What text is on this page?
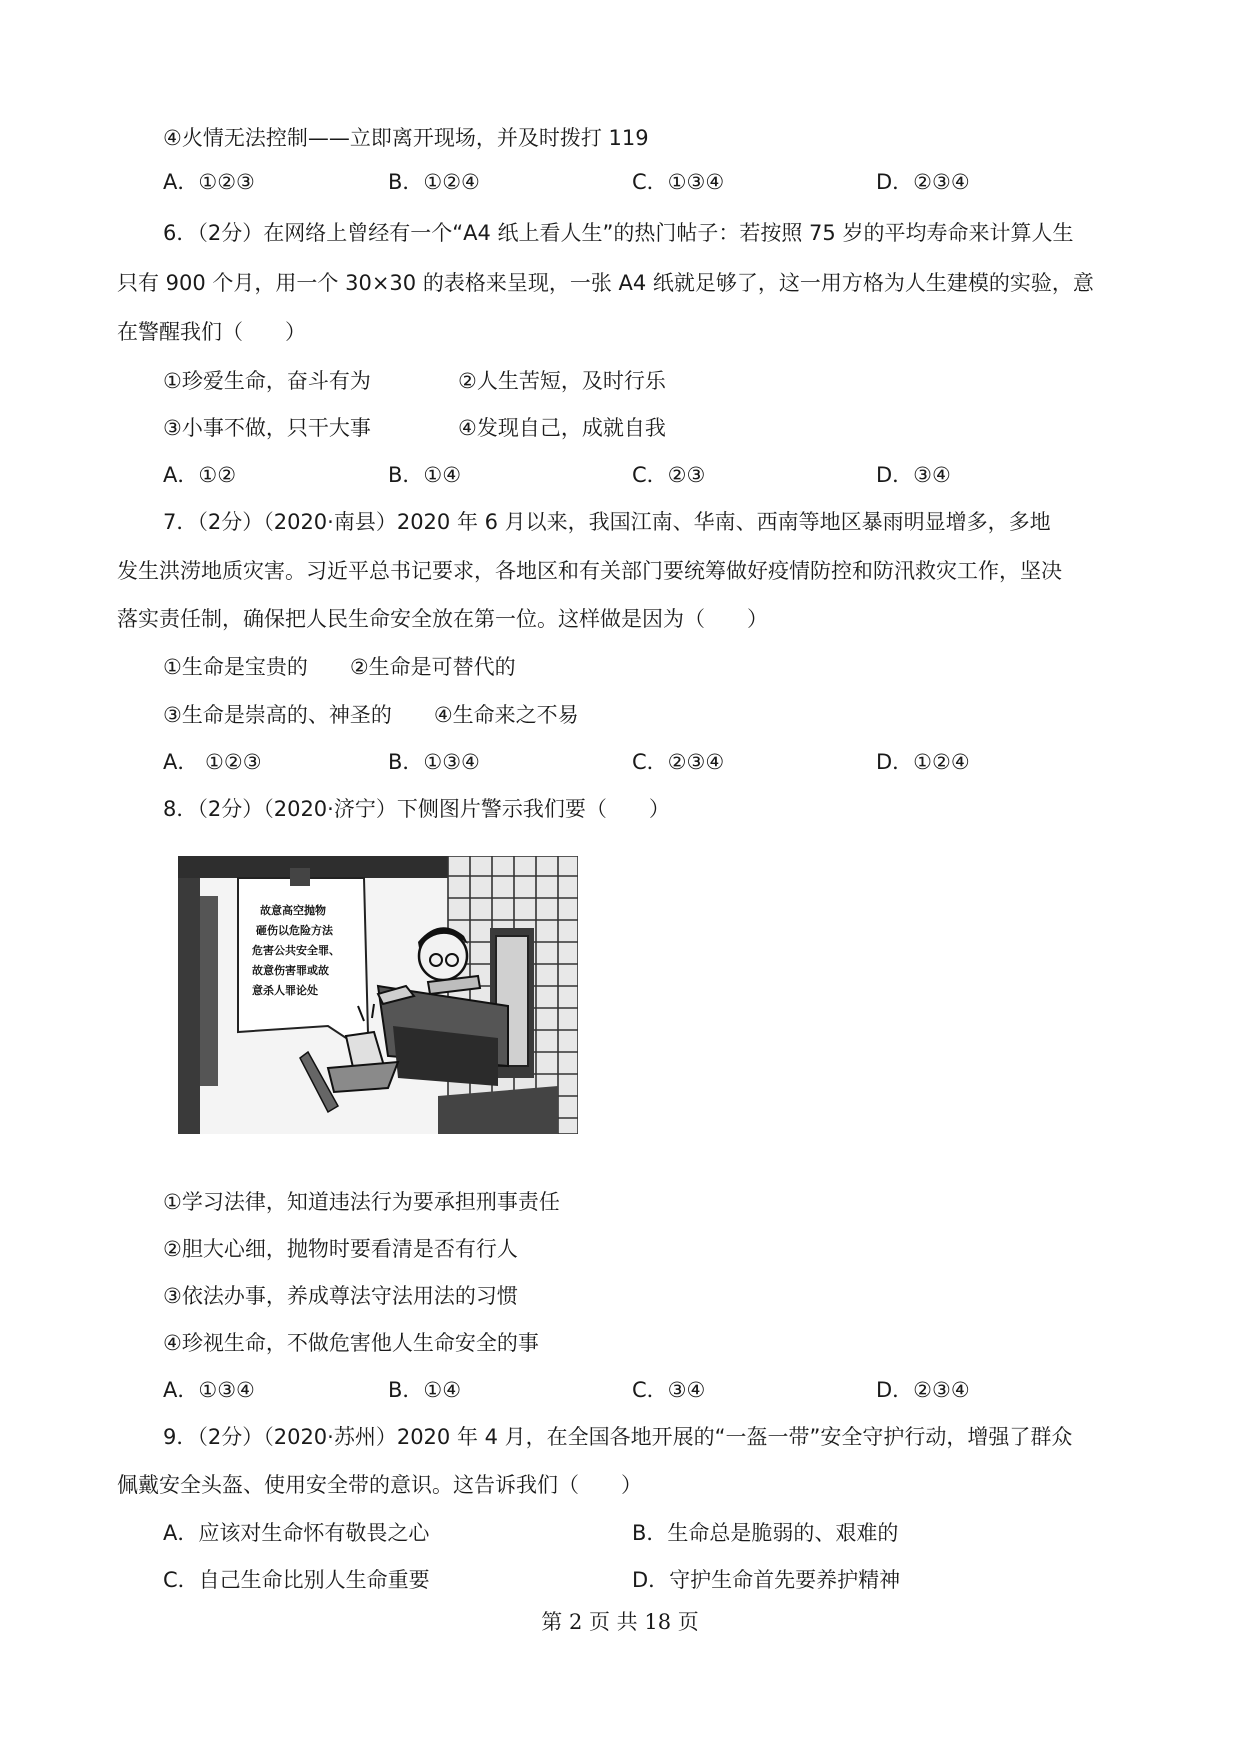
④火情无法控制——立即离开现场，并及时拨打 119
A．①②③	B．①②④	C．①③④	D．②③④
6．（2分）在网络上曾经有一个“A4 纸上看人生”的热门帖子：若按照 75 岁的平均寿命来计算人生
只有 900 个月，用一个 30×30 的表格来呈现，一张 A4 纸就足够了，这一用方格为人生建模的实验，意
在警醒我们（　　）
①珍爱生命，奋斗有为	②人生苦短，及时行乐
③小事不做，只干大事	④发现自己，成就自我
A．①②	B．①④	C．②③	D．③④
7．（2分）（2020·南县）2020 年 6 月以来，我国江南、华南、西南等地区暴雨明显增多，多地
发生洪涝地质灾害。习近平总书记要求，各地区和有关部门要统筹做好疫情防控和防汛救灾工作，坚决
落实责任制，确保把人民生命安全放在第一位。这样做是因为（　　）
①生命是宝贵的　　②生命是可替代的
③生命是崇高的、神圣的　　④生命来之不易
A． ①②③	B．①③④	C．②③④	D．①②④
8．（2分）（2020·济宁）下侧图片警示我们要（　　）
故意高空抛物
砸伤以危险方法
危害公共安全罪、
故意伤害罪或故
意杀人罪论处
①学习法律，知道违法行为要承担刑事责任
②胆大心细，抛物时要看清是否有行人
③依法办事，养成尊法守法用法的习惯
④珍视生命，不做危害他人生命安全的事
A．①③④	B．①④	C．③④	D．②③④
9．（2分）（2020·苏州）2020 年 4 月，在全国各地开展的“一盔一带”安全守护行动，增强了群众
佩戴安全头盔、使用安全带的意识。这告诉我们（　　）
A．应该对生命怀有敬畏之心	B．生命总是脆弱的、艰难的
C．自己生命比别人生命重要	D．守护生命首先要养护精神
第 2 页 共 18 页
